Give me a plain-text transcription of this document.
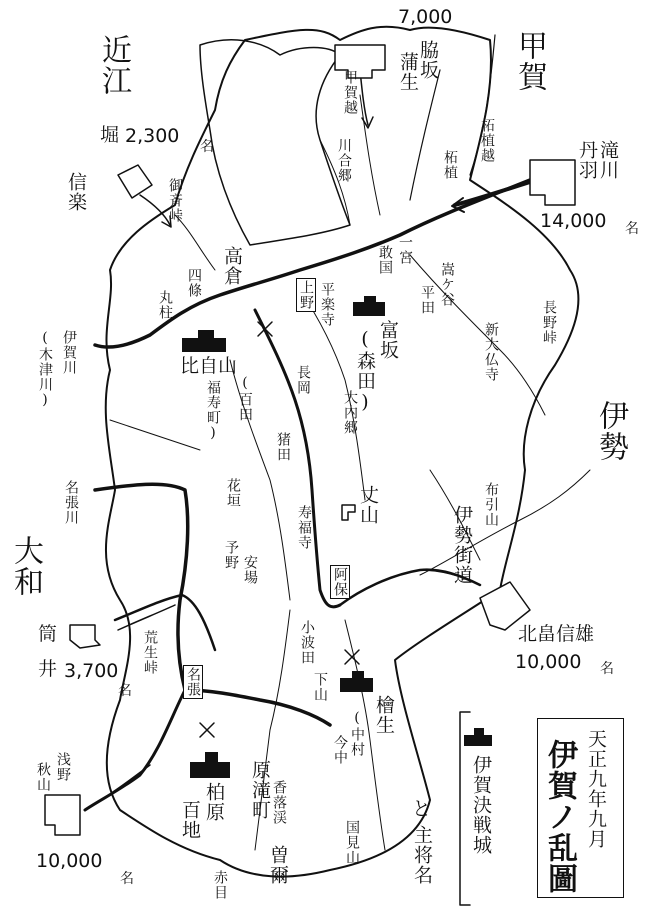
近江	甲賀
伊勢
大和
7,000
脇坂
蒲生
堀 2,300 名
信楽
滝川
丹羽
14,000 名
北畠信雄
10,000 名
筒
井 3,700
名
浅野
秋山
10,000
名
甲賀越
川合郷	柘植越
柘植
御斉峠
長野峠
伊勢街道
荒生峠
布引山
高倉
四條
丸柱
比自山
(百田
福寿町)
上野 平楽寺
一宮
敢国
富坂
(森田)
嵩ケ谷
平田
新大仏寺
長岡
大内郷
猪田
花垣
寿福寺 丈山
阿保
安場
予野
名張川
伊賀川
(木津川)
小波田
下山
檜生
(中村
今中
名張
柏原
百地	原滝町 香落渓
国見山
曽爾
赤目
伊賀決戦城
と
主将名
天正九年九月
伊賀ノ乱圖
